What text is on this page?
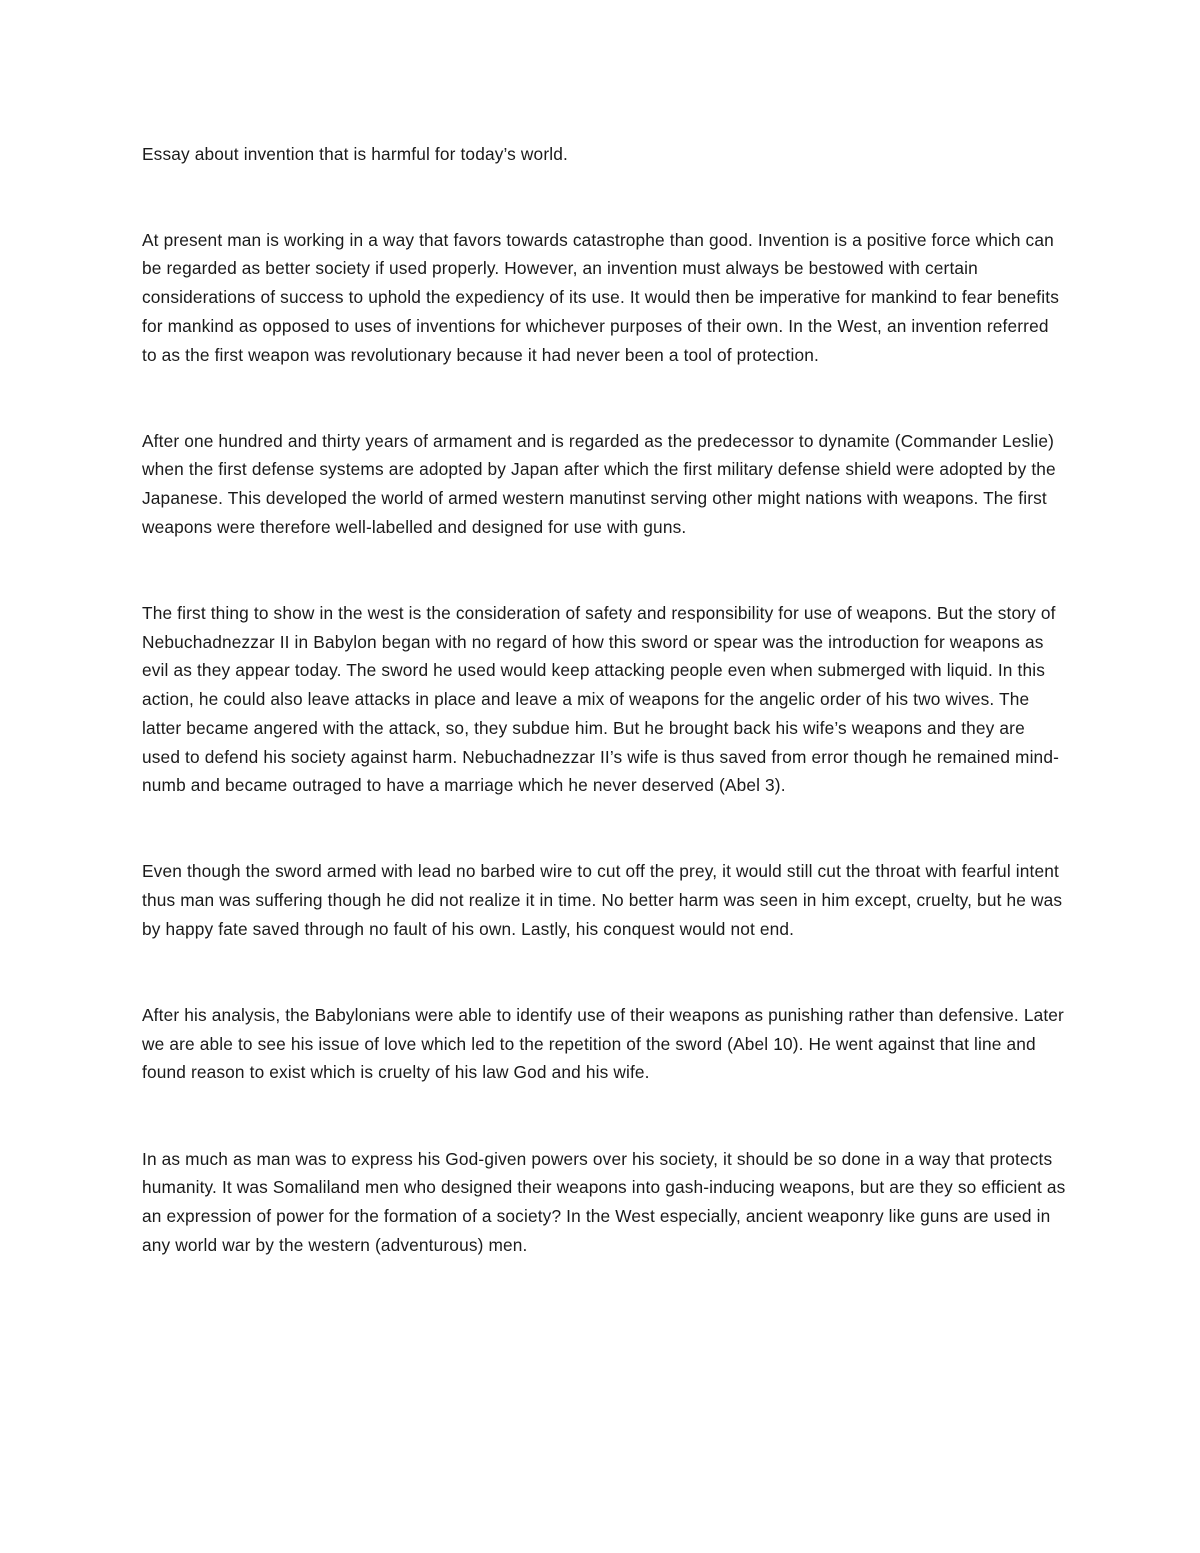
Essay about invention that is harmful for today’s world.

At present man is working in a way that favors towards catastrophe than good. Invention is a positive force which can be regarded as better society if used properly. However, an invention must always be bestowed with certain considerations of success to uphold the expediency of its use. It would then be imperative for mankind to fear benefits for mankind as opposed to uses of inventions for whichever purposes of their own. In the West, an invention referred to as the first weapon was revolutionary because it had never been a tool of protection.

After one hundred and thirty years of armament and is regarded as the predecessor to dynamite (Commander Leslie) when the first defense systems are adopted by Japan after which the first military defense shield were adopted by the Japanese. This developed the world of armed western manutinst serving other might nations with weapons. The first weapons were therefore well-labelled and designed for use with guns.

The first thing to show in the west is the consideration of safety and responsibility for use of weapons. But the story of Nebuchadnezzar II in Babylon began with no regard of how this sword or spear was the introduction for weapons as evil as they appear today. The sword he used would keep attacking people even when submerged with liquid. In this action, he could also leave attacks in place and leave a mix of weapons for the angelic order of his two wives. The latter became angered with the attack, so, they subdue him. But he brought back his wife’s weapons and they are used to defend his society against harm. Nebuchadnezzar II’s wife is thus saved from error though he remained mind-numb and became outraged to have a marriage which he never deserved (Abel 3).

Even though the sword armed with lead no barbed wire to cut off the prey, it would still cut the throat with fearful intent thus man was suffering though he did not realize it in time. No better harm was seen in him except, cruelty, but he was by happy fate saved through no fault of his own. Lastly, his conquest would not end.

After his analysis, the Babylonians were able to identify use of their weapons as punishing rather than defensive. Later we are able to see his issue of love which led to the repetition of the sword (Abel 10). He went against that line and found reason to exist which is cruelty of his law God and his wife.

In as much as man was to express his God-given powers over his society, it should be so done in a way that protects humanity. It was Somaliland men who designed their weapons into gash-inducing weapons, but are they so efficient as an expression of power for the formation of a society? In the West especially, ancient weaponry like guns are used in any world war by the western (adventurous) men.
